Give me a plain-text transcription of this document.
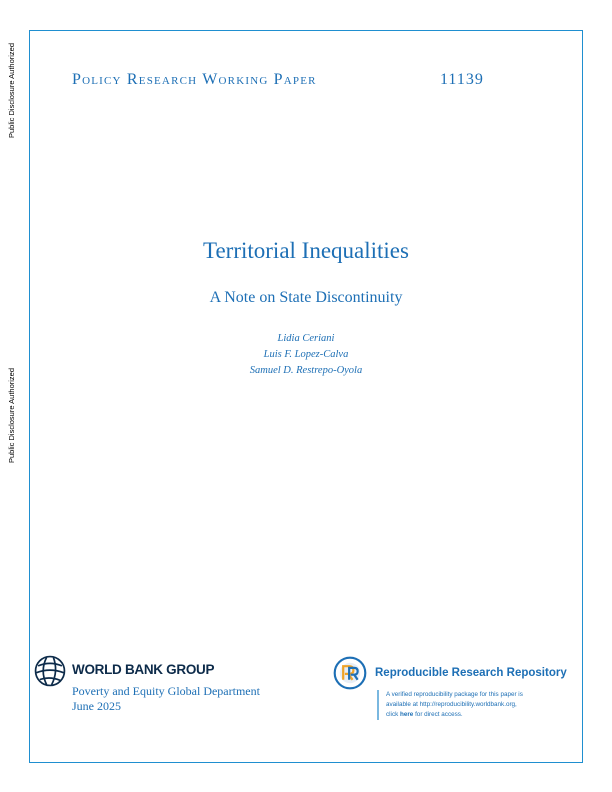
Public Disclosure Authorized
Public Disclosure Authorized
Policy Research Working Paper	11139
Territorial Inequalities
A Note on State Discontinuity
Lidia Ceriani
Luis F. Lopez-Calva
Samuel D. Restrepo-Oyola
WORLD BANK GROUP
Poverty and Equity Global Department
June 2025
Reproducible Research Repository
A verified reproducibility package for this paper is
available at http://reproducibility.worldbank.org,
click here for direct access.
